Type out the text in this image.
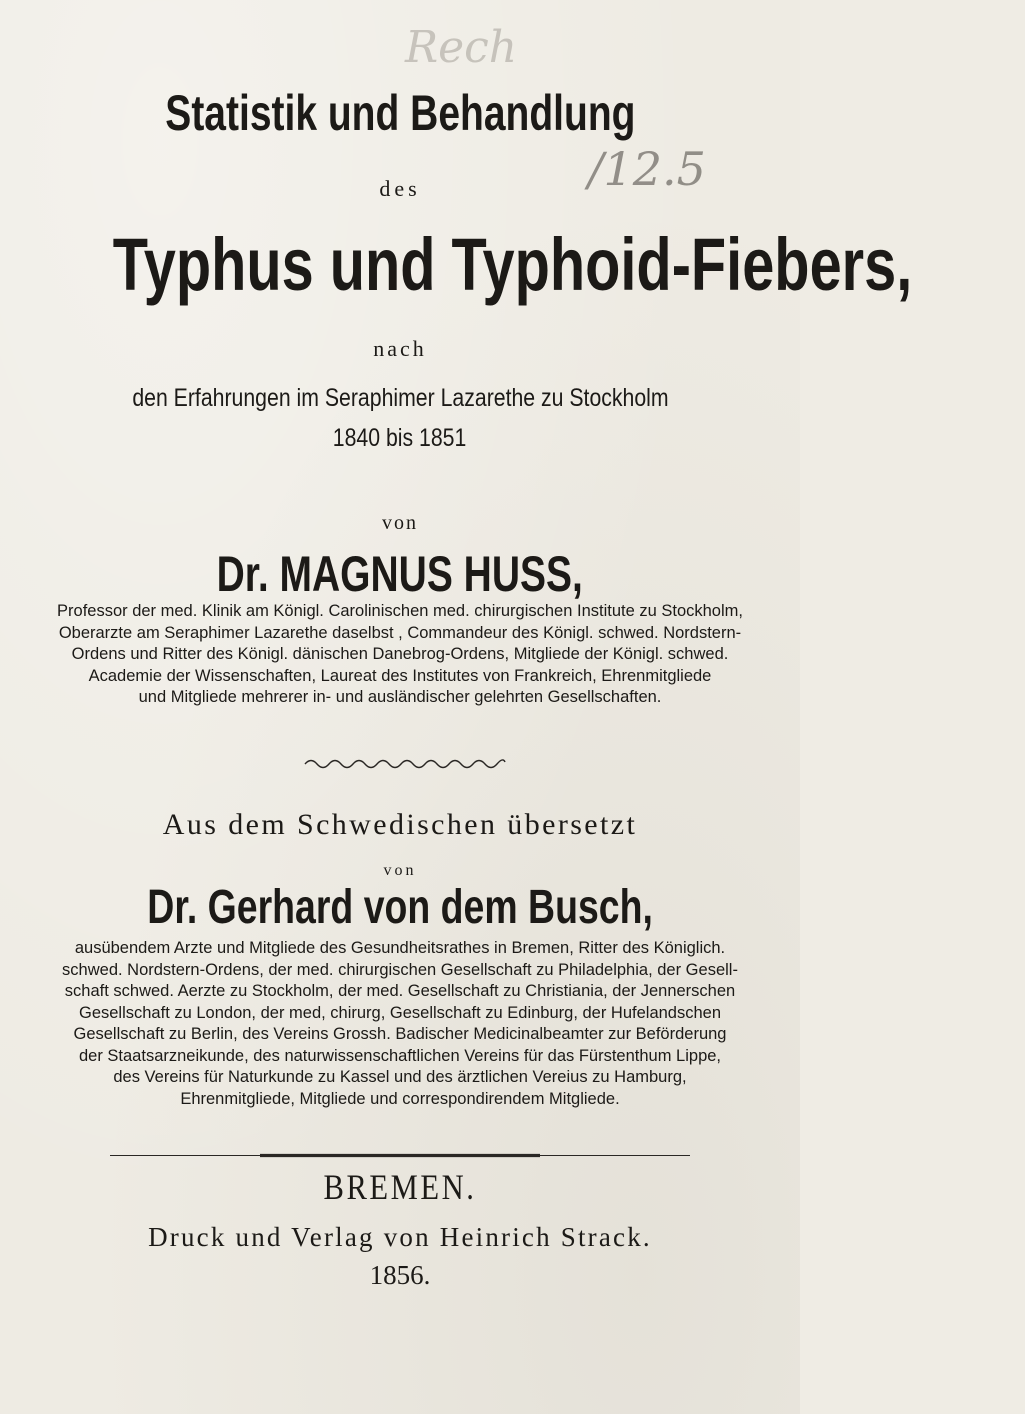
Rech
/12.5
Statistik und Behandlung
des
Typhus und Typhoid-Fiebers,
nach
den Erfahrungen im Seraphimer Lazarethe zu Stockholm
1840 bis 1851
von
Dr. MAGNUS HUSS,
Professor der med. Klinik am Königl. Carolinischen med. chirurgischen Institute zu Stockholm,
Oberarzte am Seraphimer Lazarethe daselbst , Commandeur des Königl. schwed. Nordstern-
Ordens und Ritter des Königl. dänischen Danebrog-Ordens, Mitgliede der Königl. schwed.
Academie der Wissenschaften, Laureat des Institutes von Frankreich, Ehrenmitgliede
und Mitgliede mehrerer in- und ausländischer gelehrten Gesellschaften.
Aus dem Schwedischen übersetzt
von
Dr. Gerhard von dem Busch,
ausübendem Arzte und Mitgliede des Gesundheitsrathes in Bremen, Ritter des Königlich.
schwed. Nordstern-Ordens, der med. chirurgischen Gesellschaft zu Philadelphia, der Gesell-
schaft schwed. Aerzte zu Stockholm, der med. Gesellschaft zu Christiania, der Jennerschen
Gesellschaft zu London, der med, chirurg, Gesellschaft zu Edinburg, der Hufelandschen
Gesellschaft zu Berlin, des Vereins Grossh. Badischer Medicinalbeamter zur Beförderung
der Staatsarzneikunde, des naturwissenschaftlichen Vereins für das Fürstenthum Lippe,
des Vereins für Naturkunde zu Kassel und des ärztlichen Vereius zu Hamburg,
Ehrenmitgliede, Mitgliede und correspondirendem Mitgliede.
BREMEN.
Druck und Verlag von Heinrich Strack.
1856.
